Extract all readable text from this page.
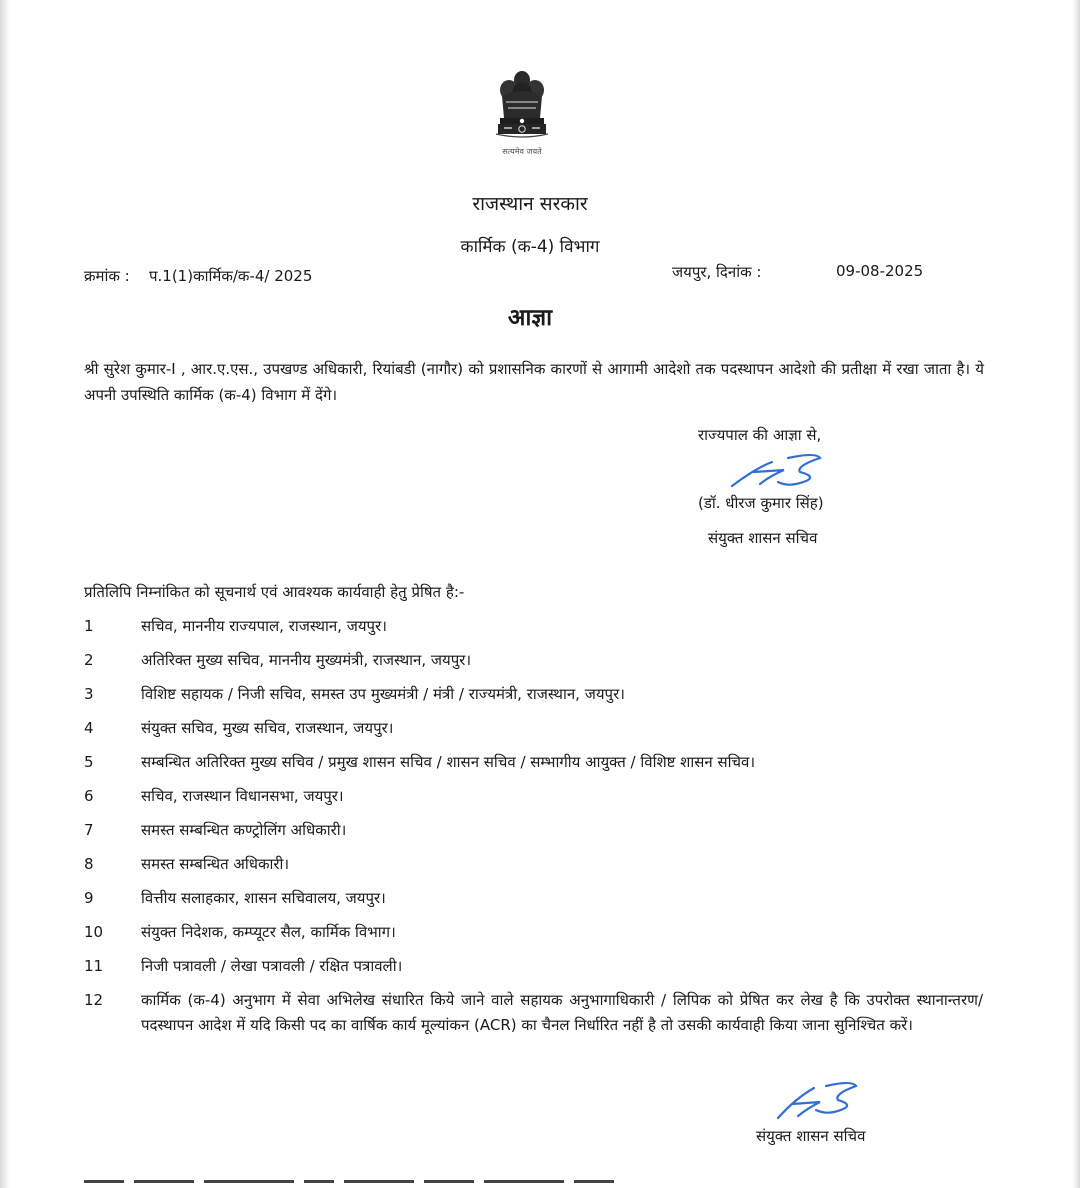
सत्यमेव जयते
राजस्थान सरकार
कार्मिक (क-4) विभाग
क्रमांक : प.1(1)कार्मिक/क-4/ 2025	जयपुर, दिनांक :	09-08-2025
आज्ञा
श्री सुरेश कुमार-I , आर.ए.एस., उपखण्ड अधिकारी, रियांबडी (नागौर) को प्रशासनिक कारणों से आगामी आदेशो तक पदस्थापन आदेशो की प्रतीक्षा में रखा जाता है। ये अपनी उपस्थिति कार्मिक (क-4) विभाग में देंगे।
राज्यपाल की आज्ञा से,
(डॉ. धीरज कुमार सिंह)
संयुक्त शासन सचिव
प्रतिलिपि निम्नांकित को सूचनार्थ एवं आवश्यक कार्यवाही हेतु प्रेषित है:-
1	सचिव, माननीय राज्यपाल, राजस्थान, जयपुर।
2	अतिरिक्त मुख्य सचिव, माननीय मुख्यमंत्री, राजस्थान, जयपुर।
3	विशिष्ट सहायक / निजी सचिव, समस्त उप मुख्यमंत्री / मंत्री / राज्यमंत्री, राजस्थान, जयपुर।
4	संयुक्त सचिव, मुख्य सचिव, राजस्थान, जयपुर।
5	सम्बन्धित अतिरिक्त मुख्य सचिव / प्रमुख शासन सचिव / शासन सचिव / सम्भागीय आयुक्त / विशिष्ट शासन सचिव।
6	सचिव, राजस्थान विधानसभा, जयपुर।
7	समस्त सम्बन्धित कण्ट्रोलिंग अधिकारी।
8	समस्त सम्बन्धित अधिकारी।
9	वित्तीय सलाहकार, शासन सचिवालय, जयपुर।
10	संयुक्त निदेशक, कम्प्यूटर सैल, कार्मिक विभाग।
11	निजी पत्रावली / लेखा पत्रावली / रक्षित पत्रावली।
12	कार्मिक (क-4) अनुभाग में सेवा अभिलेख संधारित किये जाने वाले सहायक अनुभागाधिकारी / लिपिक को प्रेषित कर लेख है कि उपरोक्त स्थानान्तरण/पदस्थापन आदेश में यदि किसी पद का वार्षिक कार्य मूल्यांकन (ACR) का चैनल निर्धारित नहीं है तो उसकी कार्यवाही किया जाना सुनिश्चित करें।
संयुक्त शासन सचिव
